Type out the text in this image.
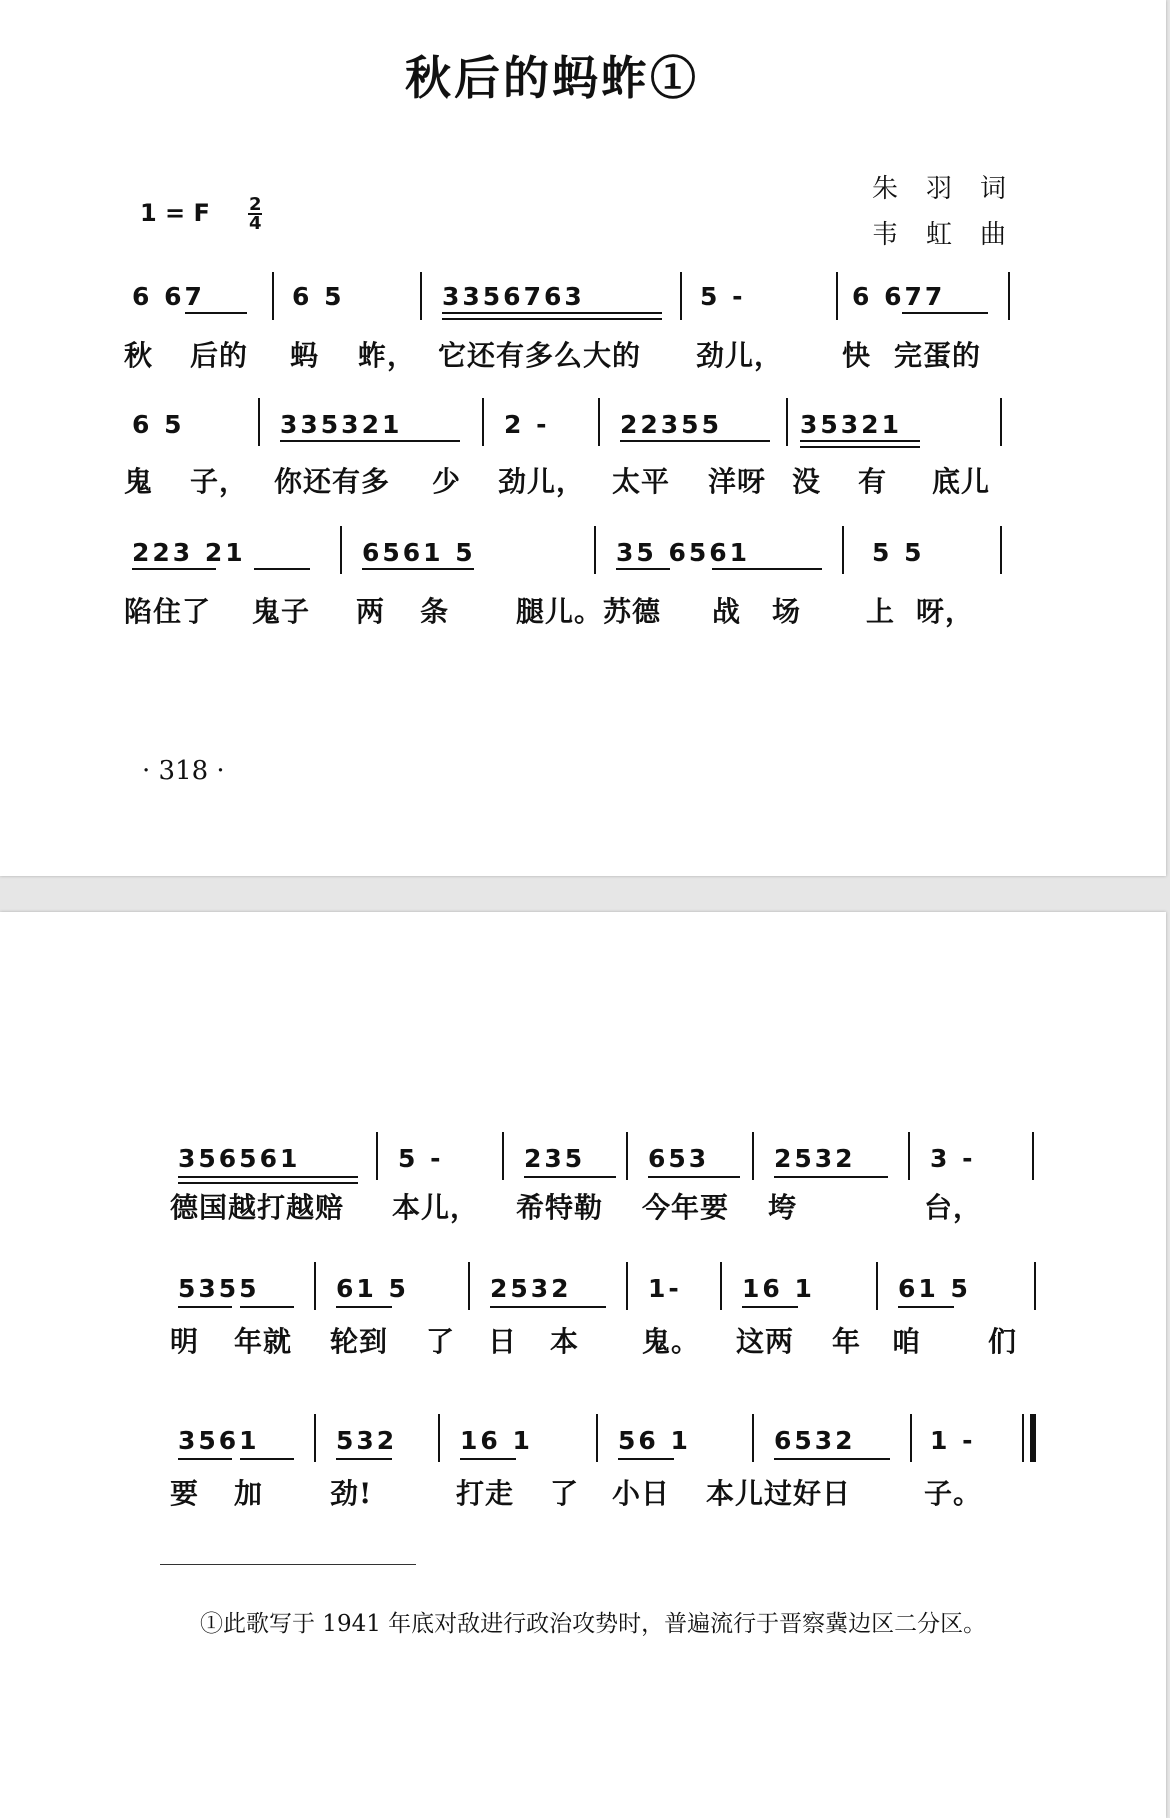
秋后的蚂蚱①
1 = F $\frac{2}{4}$
朱羽词
韦虹曲
6 67	6 5	3356763	5 -	6 677
秋 后的 蚂 蚱， 它还有多么大的 劲儿， 快 完蛋的
6 5	335321	2 -	22355	35321
鬼 子， 你还有多 少 劲儿， 太平 洋呀 没 有 底儿
223 21	6561 5	35 6561	5 5
陷住了 鬼子 两 条 腿儿。苏德 战 场 上 呀，
· 318 ·
356561	5 -	235	653	2532	3 -
德国越打越赔 本儿， 希特勒 今年要 垮	台，
5355	61 5	2532	1- 16 1	61 5
明 年就 轮到 了 日 本 鬼。 这两 年 咱 们
3561	532	16 1	56 1	6532	1 -
要 加 劲!	打走 了 小日 本儿过好日	子。
①此歌写于 1941 年底对敌进行政治攻势时，普遍流行于晋察冀边区二分区。
